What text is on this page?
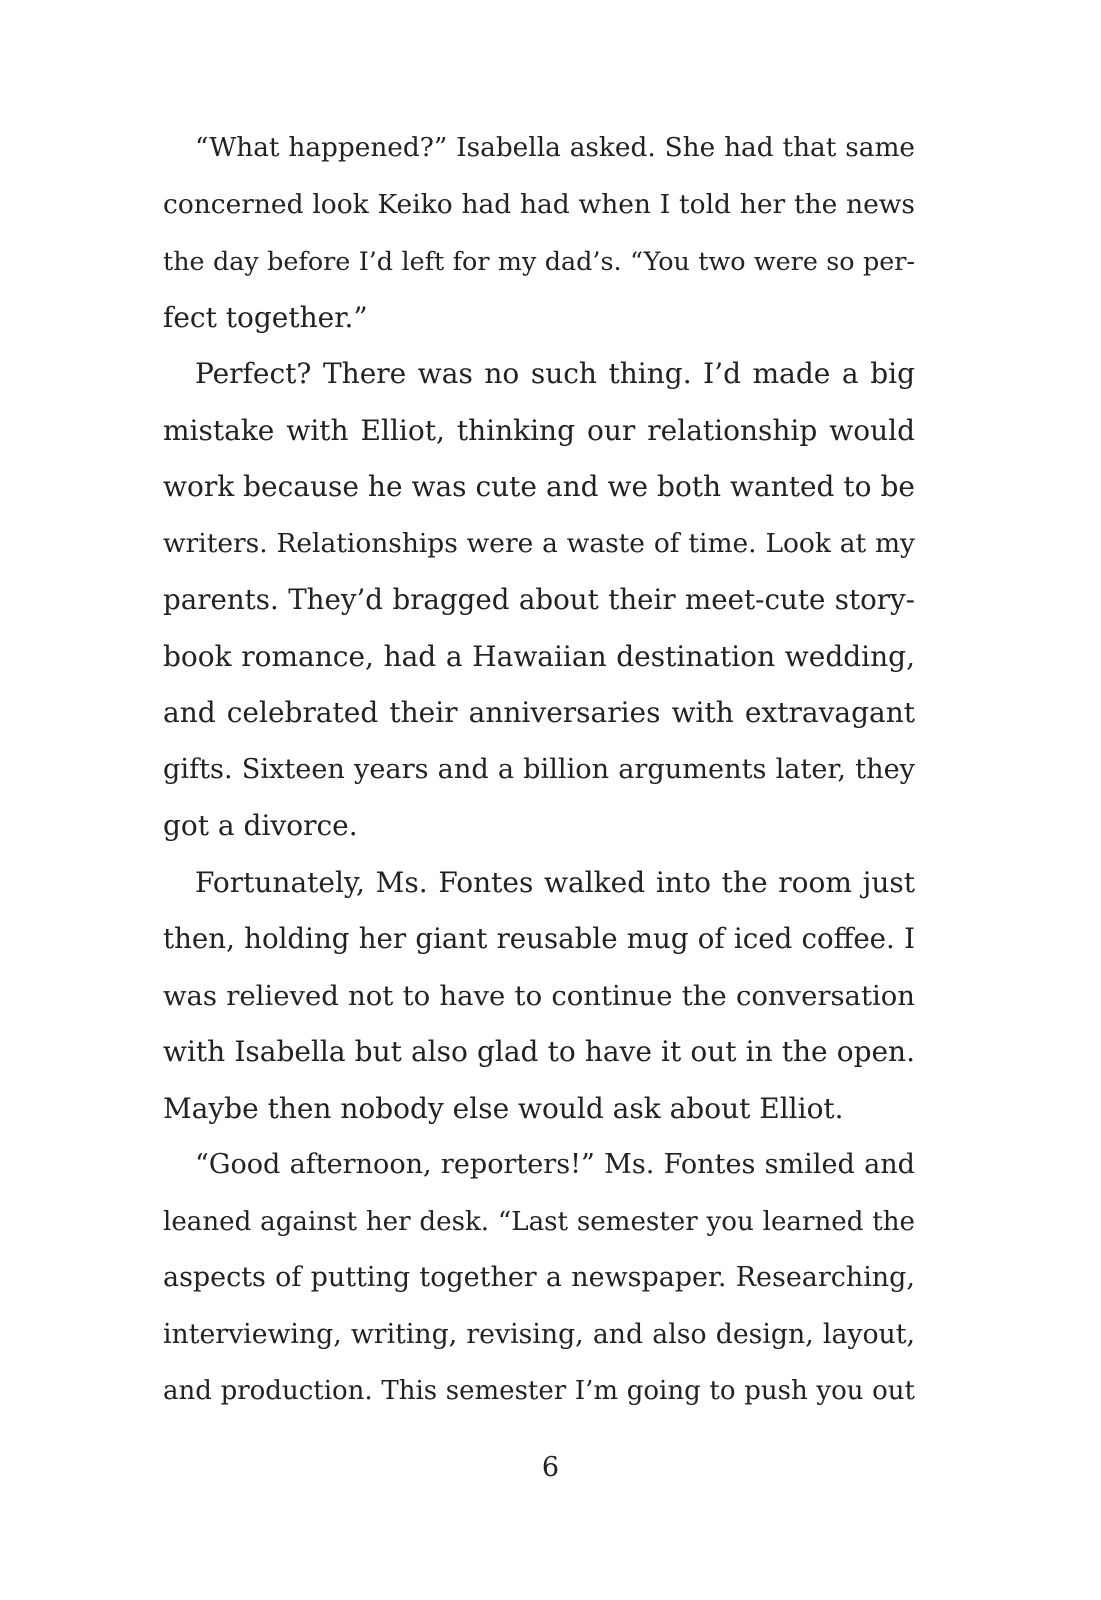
“What happened?” Isabella asked. She had that same
concerned look Keiko had had when I told her the news
the day before I’d left for my dad’s. “You two were so per-
fect together.”
Perfect? There was no such thing. I’d made a big
mistake with Elliot, thinking our relationship would
work because he was cute and we both wanted to be
writers. Relationships were a waste of time. Look at my
parents. They’d bragged about their meet-cute story-
book romance, had a Hawaiian destination wedding,
and celebrated their anniversaries with extravagant
gifts. Sixteen years and a billion arguments later, they
got a divorce.
Fortunately, Ms. Fontes walked into the room just
then, holding her giant reusable mug of iced coffee. I
was relieved not to have to continue the conversation
with Isabella but also glad to have it out in the open.
Maybe then nobody else would ask about Elliot.
“Good afternoon, reporters!” Ms. Fontes smiled and
leaned against her desk. “Last semester you learned the
aspects of putting together a newspaper. Researching,
interviewing, writing, revising, and also design, layout,
and production. This semester I’m going to push you out
6
